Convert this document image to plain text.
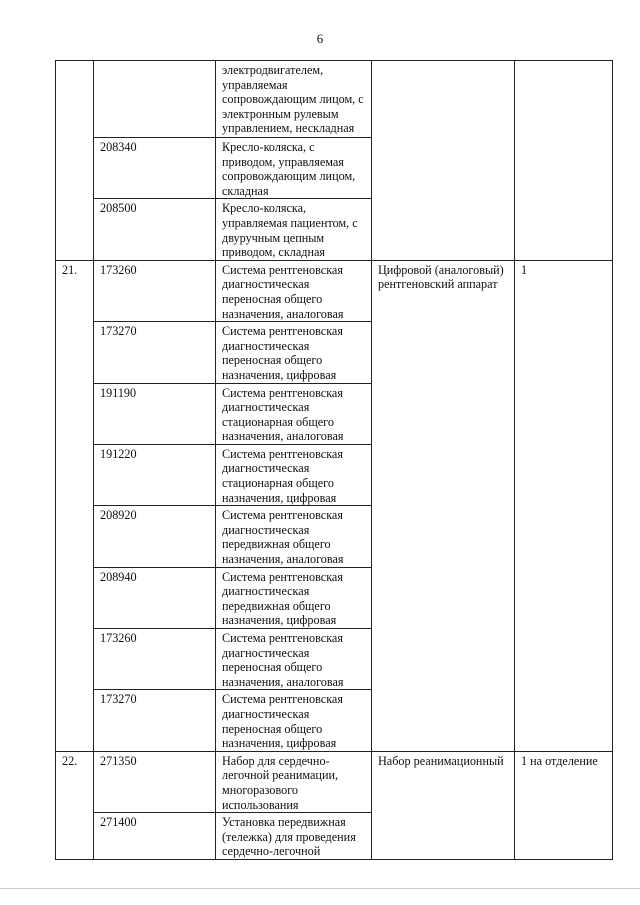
6
		электродвигателем, управляемая сопровождающим лицом, с электронным рулевым управлением, нескладная		
	208340	Кресло-коляска, с приводом, управляемая сопровождающим лицом, складная		
	208500	Кресло-коляска, управляемая пациентом, с двуручным цепным приводом, складная		
21.	173260	Система рентгеновская диагностическая переносная общего назначения, аналоговая	Цифровой (аналоговый) рентгеновский аппарат	1
	173270	Система рентгеновская диагностическая переносная общего назначения, цифровая		
	191190	Система рентгеновская диагностическая стационарная общего назначения, аналоговая		
	191220	Система рентгеновская диагностическая стационарная общего назначения, цифровая		
	208920	Система рентгеновская диагностическая передвижная общего назначения, аналоговая		
	208940	Система рентгеновская диагностическая передвижная общего назначения, цифровая		
	173260	Система рентгеновская диагностическая переносная общего назначения, аналоговая		
	173270	Система рентгеновская диагностическая переносная общего назначения, цифровая		
22.	271350	Набор для сердечно-легочной реанимации, многоразового использования	Набор реанимационный	1 на отделение
	271400	Установка передвижная (тележка) для проведения сердечно-легочной		
